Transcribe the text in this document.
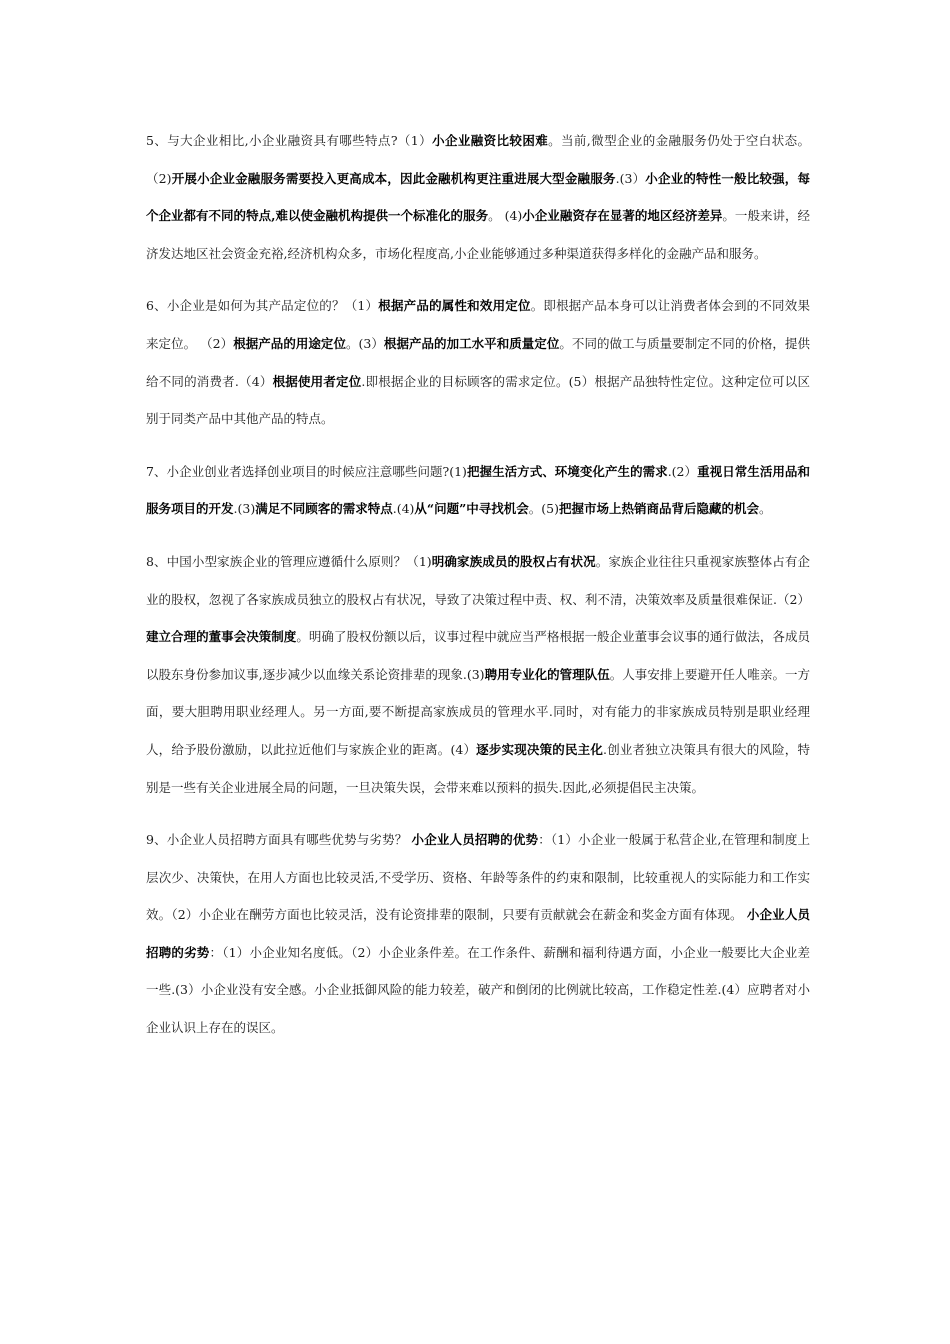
5、与大企业相比,小企业融资具有哪些特点?（1）小企业融资比较困难。当前,微型企业的金融服务仍处于空白状态。 （2)开展小企业金融服务需要投入更高成本，因此金融机构更注重进展大型金融服务.(3）小企业的特性一般比较强，每个企业都有不同的特点,难以使金融机构提供一个标准化的服务。 (4)小企业融资存在显著的地区经济差异。一般来讲，经济发达地区社会资金充裕,经济机构众多，市场化程度高,小企业能够通过多种渠道获得多样化的金融产品和服务。

6、小企业是如何为其产品定位的？（1）根据产品的属性和效用定位。即根据产品本身可以让消费者体会到的不同效果来定位。 （2）根据产品的用途定位。(3）根据产品的加工水平和质量定位。不同的做工与质量要制定不同的价格，提供给不同的消费者.（4）根据使用者定位.即根据企业的目标顾客的需求定位。(5）根据产品独特性定位。这种定位可以区别于同类产品中其他产品的特点。

7、小企业创业者选择创业项目的时候应注意哪些问题?(1)把握生活方式、环境变化产生的需求.(2）重视日常生活用品和服务项目的开发.(3)满足不同顾客的需求特点.(4)从“问题”中寻找机会。(5)把握市场上热销商品背后隐藏的机会。

8、中国小型家族企业的管理应遵循什么原则？（1)明确家族成员的股权占有状况。家族企业往往只重视家族整体占有企业的股权，忽视了各家族成员独立的股权占有状况，导致了决策过程中责、权、利不清，决策效率及质量很难保证.（2）建立合理的董事会决策制度。明确了股权份额以后，议事过程中就应当严格根据一般企业董事会议事的通行做法，各成员以股东身份参加议事,逐步减少以血缘关系论资排辈的现象.(3)聘用专业化的管理队伍。人事安排上要避开任人唯亲。一方面，要大胆聘用职业经理人。另一方面,要不断提高家族成员的管理水平.同时，对有能力的非家族成员特别是职业经理人，给予股份激励，以此拉近他们与家族企业的距离。(4）逐步实现决策的民主化.创业者独立决策具有很大的风险，特别是一些有关企业进展全局的问题，一旦决策失误，会带来难以预料的损失.因此,必须提倡民主决策。

9、小企业人员招聘方面具有哪些优势与劣势？ 小企业人员招聘的优势：（1）小企业一般属于私营企业,在管理和制度上层次少、决策快，在用人方面也比较灵活,不受学历、资格、年龄等条件的约束和限制，比较重视人的实际能力和工作实效。（2）小企业在酬劳方面也比较灵活，没有论资排辈的限制，只要有贡献就会在薪金和奖金方面有体现。 小企业人员招聘的劣势：（1）小企业知名度低。（2）小企业条件差。在工作条件、薪酬和福利待遇方面，小企业一般要比大企业差一些.(3）小企业没有安全感。小企业抵御风险的能力较差，破产和倒闭的比例就比较高，工作稳定性差.(4）应聘者对小企业认识上存在的误区。
